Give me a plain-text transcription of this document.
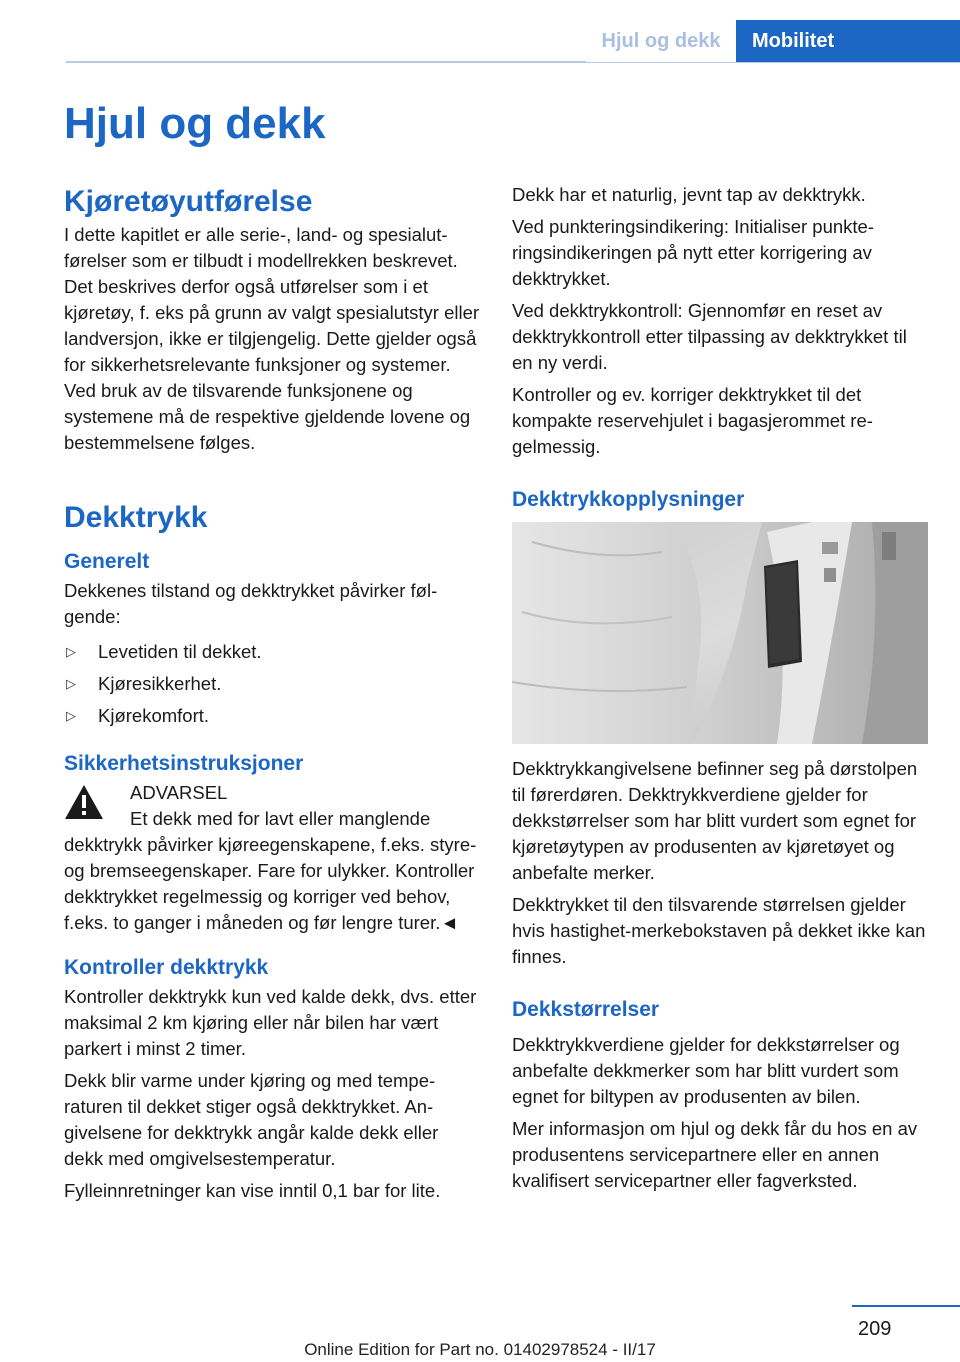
Hjul og dekk	Mobilitet
Hjul og dekk
Kjøretøyutførelse

I dette kapitlet er alle serie-, land- og spesialutførelser som er tilbudt i modellrekken beskrevet. Det beskrives derfor også utførelser som i et kjøretøy, f. eks på grunn av valgt spesialutstyr eller landversjon, ikke er tilgjengelig. Dette gjelder også for sikkerhetsrelevante funksjoner og systemer. Ved bruk av de tilsvarende funksjonene og systemene må de respektive gjeldende lovene og bestemmelsene følges.

Dekktrykk
Generelt

Dekkenes tilstand og dekktrykket påvirker følgende:

▷ Levetiden til dekket.
▷ Kjøresikkerhet.
▷ Kjørekomfort.
Sikkerhetsinstruksjoner
ADVARSEL
Et dekk med for lavt eller manglende

dekktrykk påvirker kjøreegenskapene, f.eks. styre- og bremseegenskaper. Fare for ulykker. Kontroller dekktrykket regelmessig og korriger ved behov, f.eks. to ganger i måneden og før lengre turer.◄

Kontroller dekktrykk

Kontroller dekktrykk kun ved kalde dekk, dvs. etter maksimal 2 km kjøring eller når bilen har vært parkert i minst 2 timer.

Dekk blir varme under kjøring og med temperaturen til dekket stiger også dekktrykket. Angivelsene for dekktrykk angår kalde dekk eller dekk med omgivelsestemperatur.

Fylleinnretninger kan vise inntil 0,1 bar for lite.

Dekk har et naturlig, jevnt tap av dekktrykk.

Ved punkteringsindikering: Initialiser punkteringsindikeringen på nytt etter korrigering av dekktrykket.

Ved dekktrykkontroll: Gjennomfør en reset av dekktrykkontroll etter tilpassing av dekktrykket til en ny verdi.

Kontroller og ev. korriger dekktrykket til det kompakte reservehjulet i bagasjerommet regelmessig.

Dekktrykkopplysninger

Dekktrykkangivelsene befinner seg på dørstolpen til førerdøren. Dekktrykkverdiene gjelder for dekkstørrelser som har blitt vurdert som egnet for kjøretøytypen av produsenten av kjøretøyet og anbefalte merker.

Dekktrykket til den tilsvarende størrelsen gjelder hvis hastighet-merkebokstaven på dekket ikke kan finnes.

Dekkstørrelser

Dekktrykkverdiene gjelder for dekkstørrelser og anbefalte dekkmerker som har blitt vurdert som egnet for biltypen av produsenten av bilen.

Mer informasjon om hjul og dekk får du hos en av produsentens servicepartnere eller en annen kvalifisert servicepartner eller fagverksted.

209
Online Edition for Part no. 01402978524 - II/17
